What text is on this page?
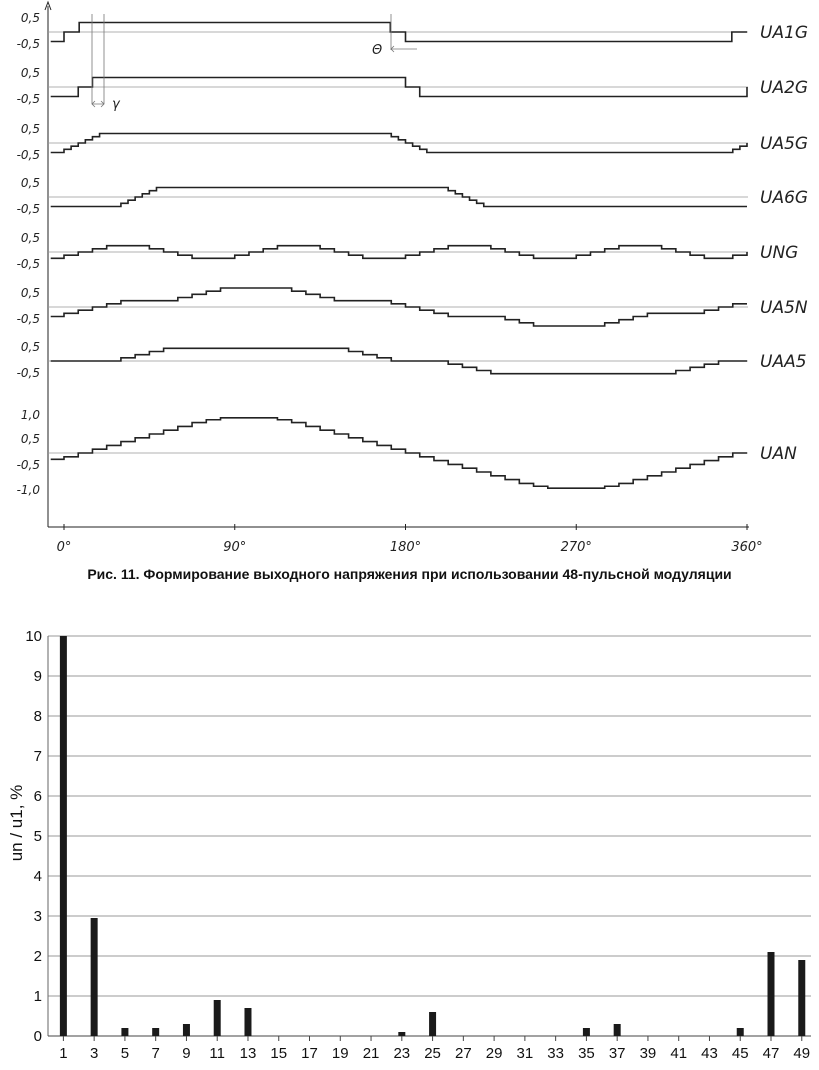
0°	90°	180°	270°	360°
0,5
-0,5
0,5
-0,5
0,5
-0,5
0,5
-0,5
0,5
-0,5
0,5
-0,5
0,5
-0,5
1,0
0,5
-0,5
-1,0
UA1G
UA2G
UA5G
UA6G
UNG
UA5N
UAA5
UAN
Θ
γ
Рис. 11. Формирование выходного напряжения при использовании 48-пульсной модуляции
0
1
2
3
4
5
6
7
8
9
10
1 3 5 7 9 11 13 15 17 19 21 23 25 27 29 31 33 35 37 39 41 43 45 47 49
un / u1, %
